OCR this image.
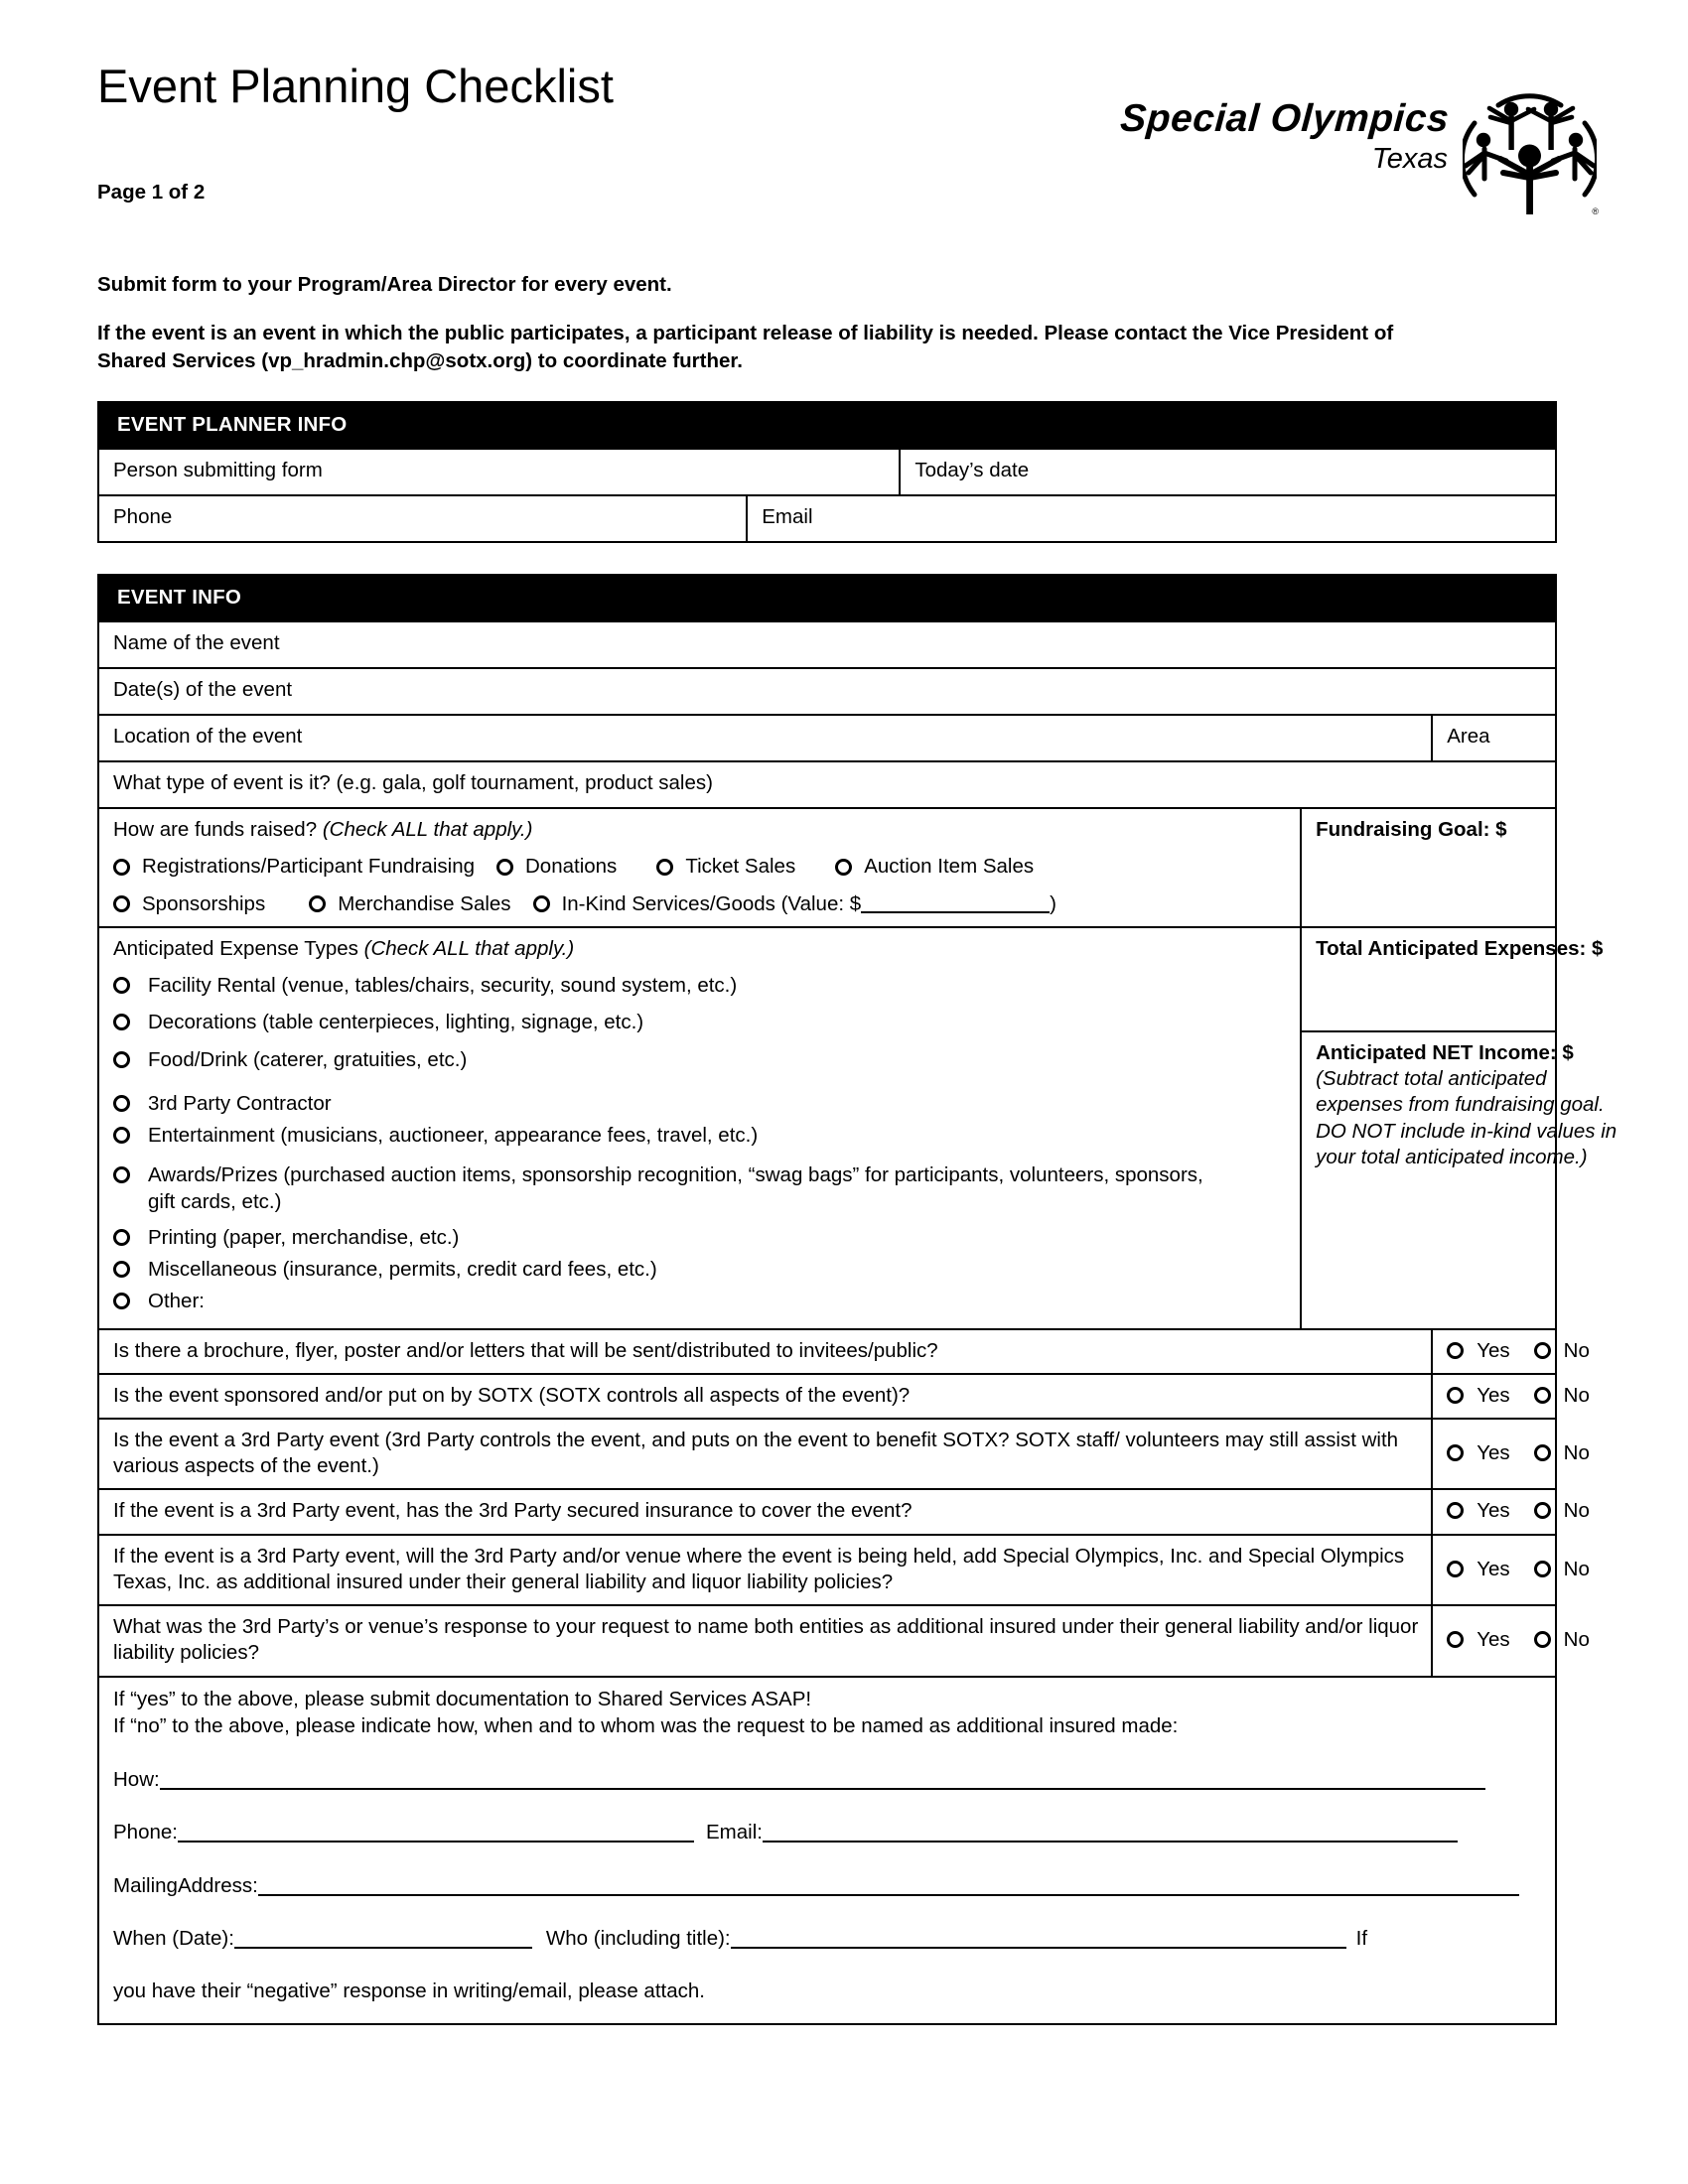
Event Planning Checklist
Page 1 of 2
Special Olympics
Texas
®
Submit form to your Program/Area Director for every event.
If the event is an event in which the public participates, a participant release of liability is needed. Please contact the Vice President of Shared Services (vp_hradmin.chp@sotx.org) to coordinate further.
EVENT PLANNER INFO		
Person submitting form		Today’s date
Phone	Email	
EVENT INFO						
Name of the event						
Date(s) of the event						
Location of the event					Area	
What type of event is it? (e.g. gala, golf tournament, product sales)						

How are funds raised? (Check ALL that apply.)
Registrations/Participant Fundraising Donations	Ticket Sales	Auction Item Sales
Sponsorships	Merchandise Sales In-Kind Services/Goods (Value: $	)
	Fundraising Goal: $

Anticipated Expense Types (Check ALL that apply.)
Facility Rental (venue, tables/chairs, security, sound system, etc.)
Decorations (table centerpieces, lighting, signage, etc.)
Food/Drink (caterer, gratuities, etc.)
3rd Party Contractor
Entertainment (musicians, auctioneer, appearance fees, travel, etc.)
Awards/Prizes (purchased auction items, sponsorship recognition, “swag bags” for participants, volunteers, sponsors, gift cards, etc.)
Printing (paper, merchandise, etc.)
Miscellaneous (insurance, permits, credit card fees, etc.)
Other:
	Total Anticipated Expenses: $

				Anticipated NET Income: $
(Subtract total anticipated
expenses from fundraising goal.
DO NOT include in-kind values in
your total anticipated income.)		

Is there a brochure, flyer, poster and/or letters that will be sent/distributed to invitees/public?					Yes No	
Is the event sponsored and/or put on by SOTX (SOTX controls all aspects of the event)?					Yes No	
Is the event a 3rd Party event (3rd Party controls the event, and puts on the event to benefit SOTX? SOTX staff/ volunteers may still assist with various aspects of the event.)					Yes No	
If the event is a 3rd Party event, has the 3rd Party secured insurance to cover the event?					Yes No	
If the event is a 3rd Party event, will the 3rd Party and/or venue where the event is being held, add Special Olympics, Inc. and Special Olympics Texas, Inc. as additional insured under their general liability and liquor liability policies?					Yes No	
What was the 3rd Party’s or venue’s response to your request to name both entities as additional insured under their general liability and/or liquor liability policies?					Yes No	

If “yes” to the above, please submit documentation to Shared Services ASAP!

If “no” to the above, please indicate how, when and to whom was the request to be named as additional insured made:

How:

Phone:	Email:

MailingAddress:

When (Date):	Who (including title):	If

you have their “negative” response in writing/email, please attach.
